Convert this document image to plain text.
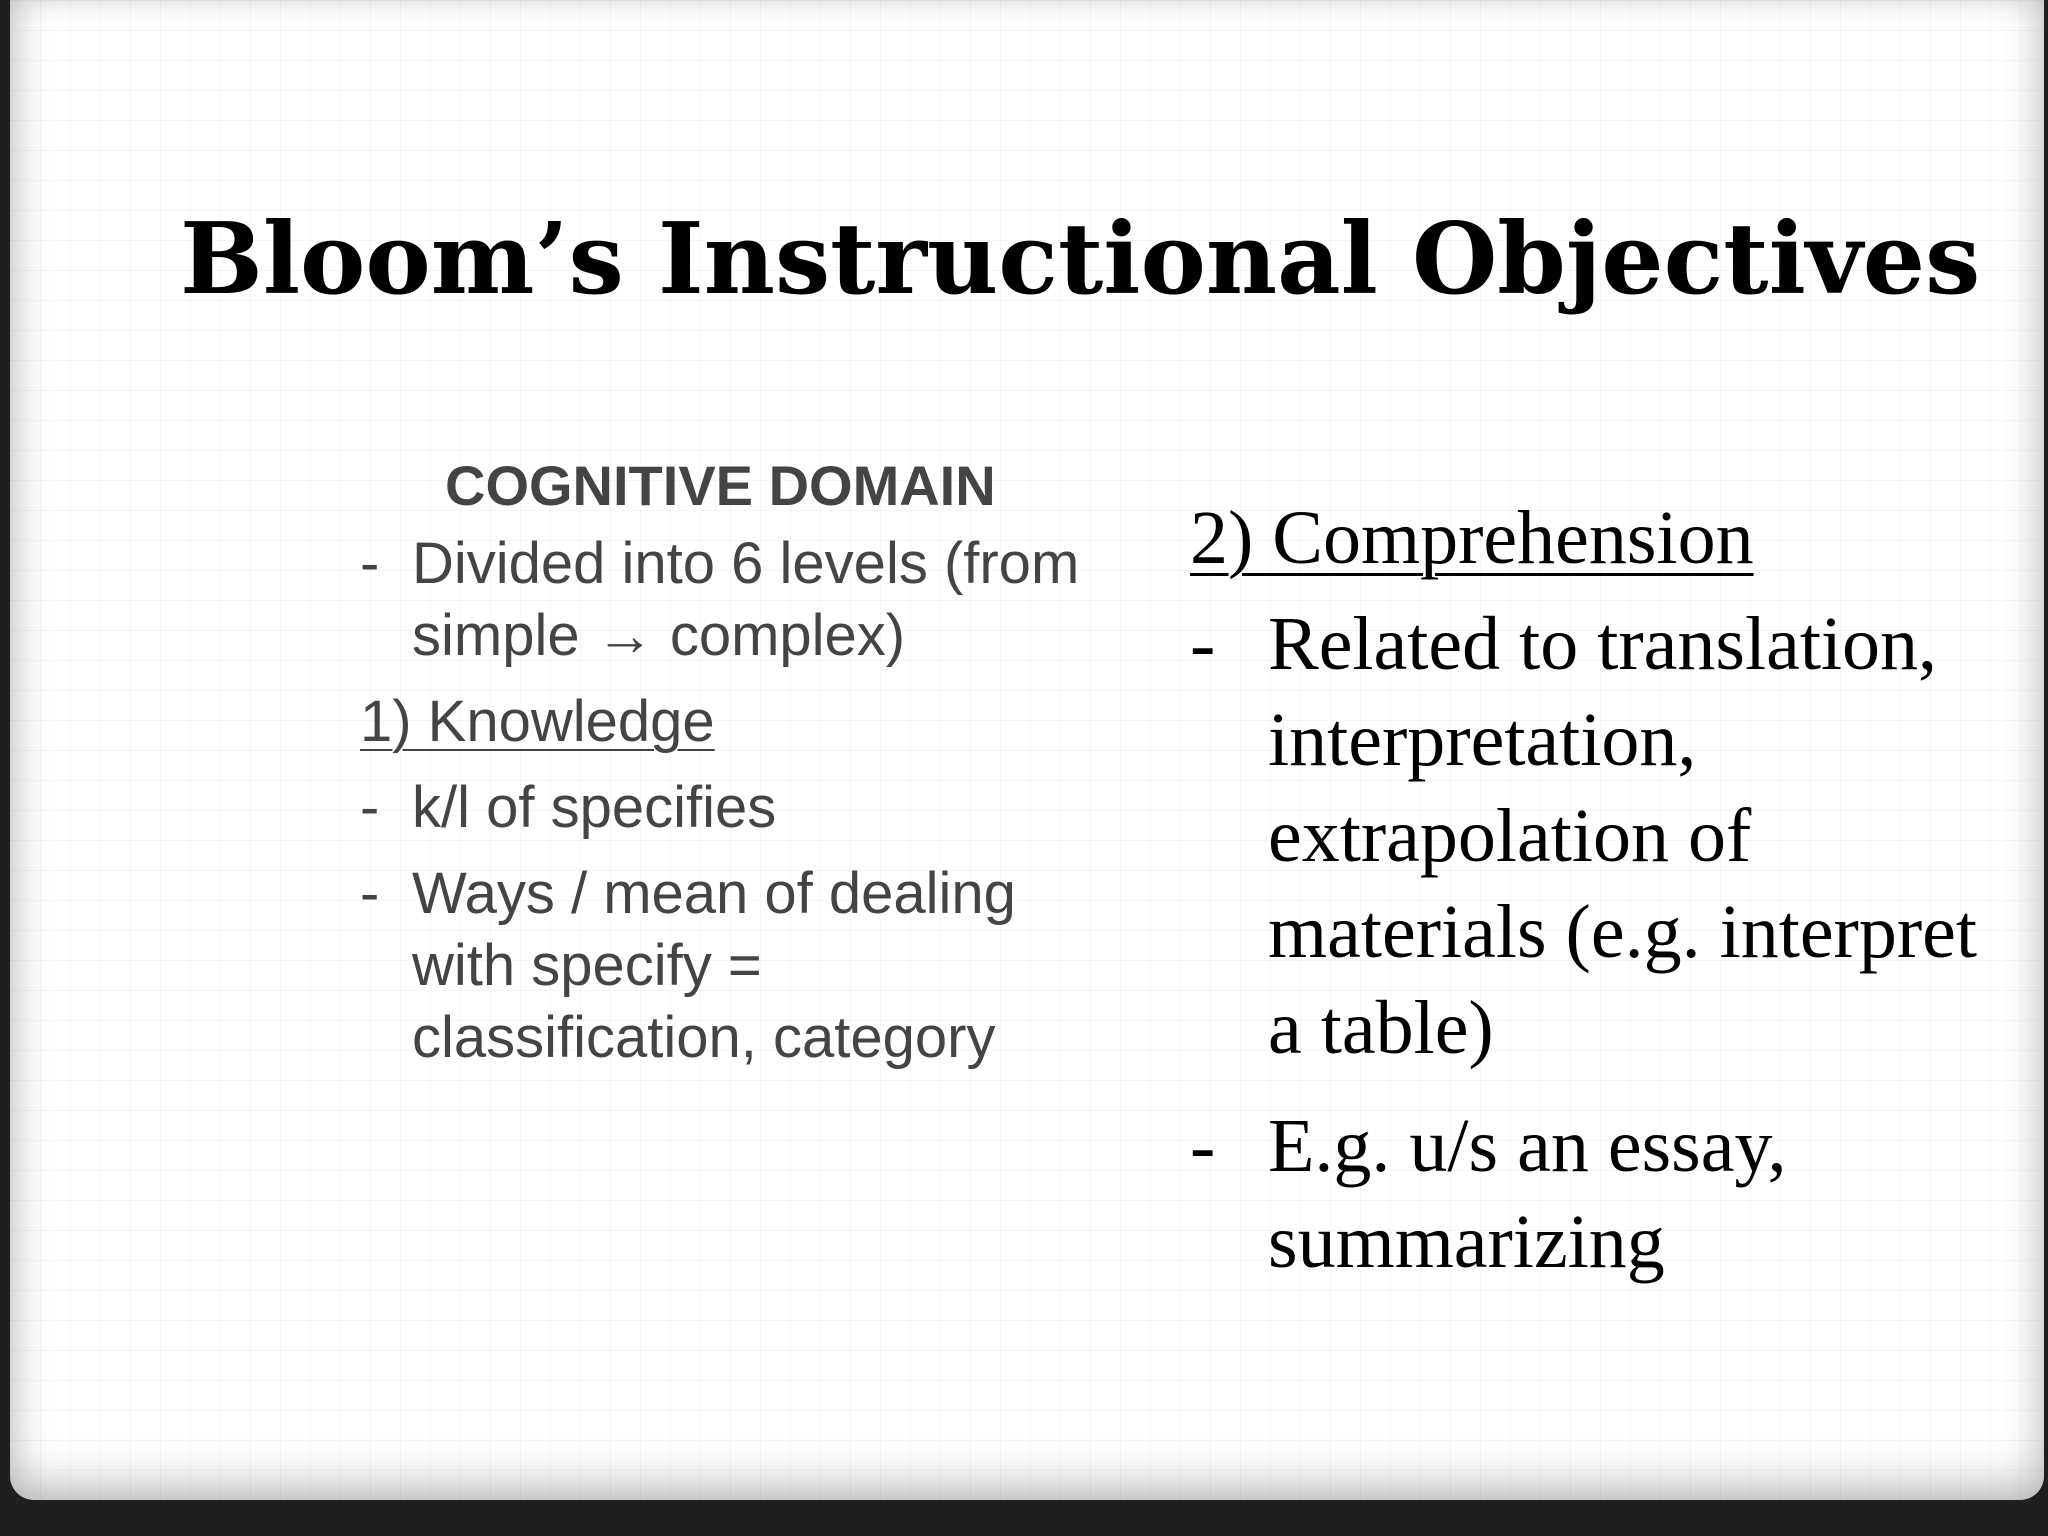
Bloom’s Instructional Objectives
COGNITIVE DOMAIN
- Divided into 6 levels (from simple → complex)
1) Knowledge
- k/l of specifies
- Ways / mean of dealing with specify = classification, category
2) Comprehension
- Related to translation, interpretation, extrapolation of materials (e.g. interpret a table)
- E.g. u/s an essay, summarizing
